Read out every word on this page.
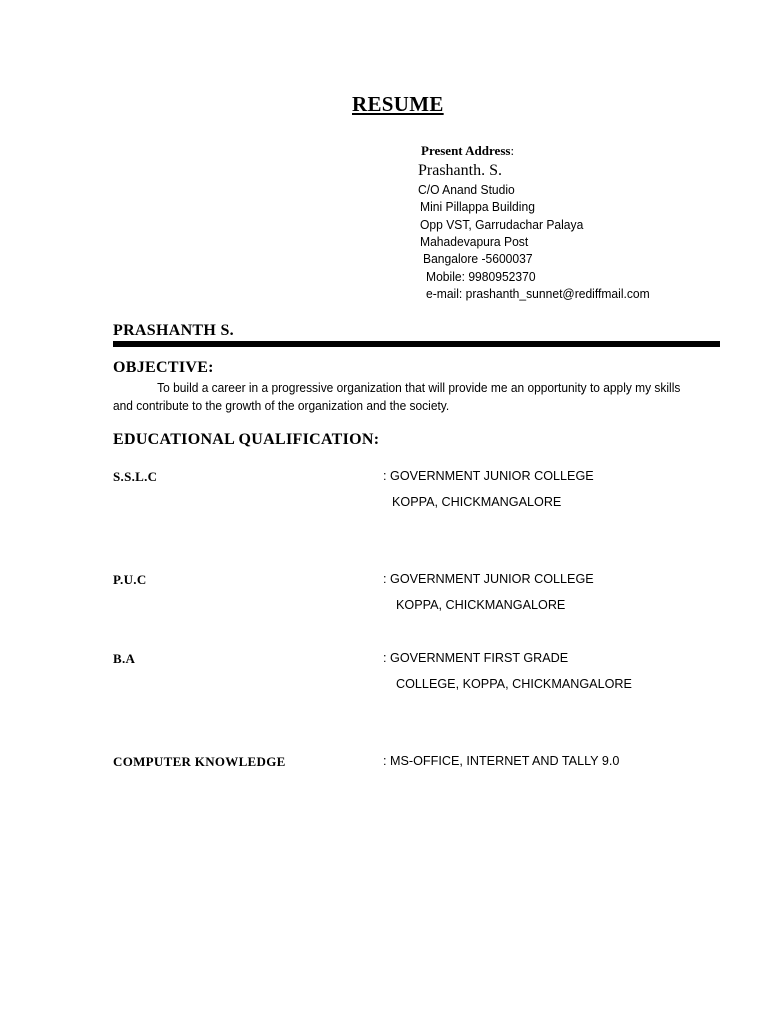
RESUME
Present Address:
Prashanth. S.
C/O Anand Studio
Mini Pillappa Building
Opp VST, Garrudachar Palaya
Mahadevapura Post
Bangalore -5600037
Mobile: 9980952370
e-mail: prashanth_sunnet@rediffmail.com
PRASHANTH S.
OBJECTIVE:
To build a career in a progressive organization that will provide me an opportunity to apply my skills and contribute to the growth of the organization and the society.
EDUCATIONAL QUALIFICATION:
S.S.L.C	: GOVERNMENT JUNIOR COLLEGE
KOPPA, CHICKMANGALORE
P.U.C	: GOVERNMENT JUNIOR COLLEGE
KOPPA, CHICKMANGALORE
B.A	: GOVERNMENT FIRST GRADE
COLLEGE, KOPPA, CHICKMANGALORE
COMPUTER KNOWLEDGE	: MS-OFFICE, INTERNET AND TALLY 9.0
